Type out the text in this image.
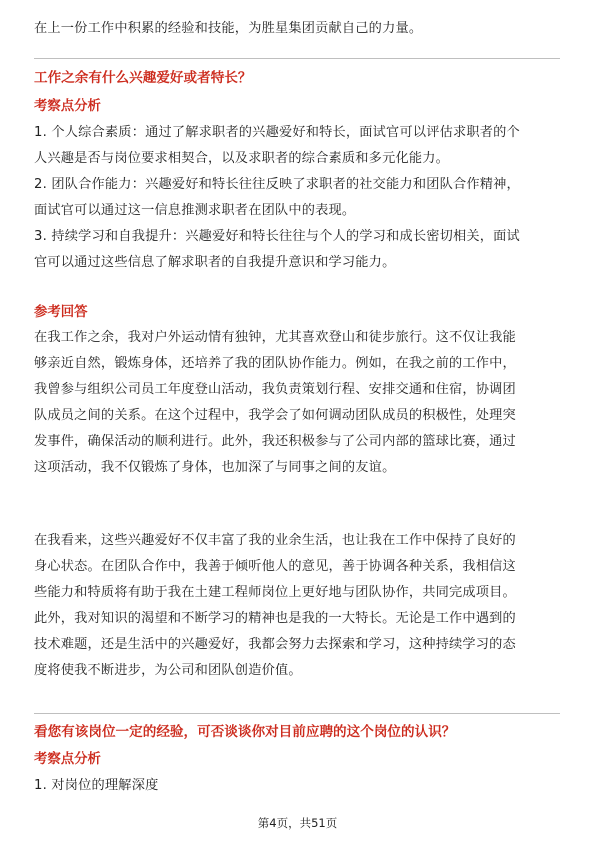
在上一份工作中积累的经验和技能，为胜星集团贡献自己的力量。
工作之余有什么兴趣爱好或者特长？
考察点分析
1. 个人综合素质：通过了解求职者的兴趣爱好和特长，面试官可以评估求职者的个
人兴趣是否与岗位要求相契合，以及求职者的综合素质和多元化能力。
2. 团队合作能力：兴趣爱好和特长往往反映了求职者的社交能力和团队合作精神，
面试官可以通过这一信息推测求职者在团队中的表现。
3. 持续学习和自我提升：兴趣爱好和特长往往与个人的学习和成长密切相关，面试
官可以通过这些信息了解求职者的自我提升意识和学习能力。
参考回答
在我工作之余，我对户外运动情有独钟，尤其喜欢登山和徒步旅行。这不仅让我能
够亲近自然，锻炼身体，还培养了我的团队协作能力。例如，在我之前的工作中，
我曾参与组织公司员工年度登山活动，我负责策划行程、安排交通和住宿，协调团
队成员之间的关系。在这个过程中，我学会了如何调动团队成员的积极性，处理突
发事件，确保活动的顺利进行。此外，我还积极参与了公司内部的篮球比赛，通过
这项活动，我不仅锻炼了身体，也加深了与同事之间的友谊。
在我看来，这些兴趣爱好不仅丰富了我的业余生活，也让我在工作中保持了良好的
身心状态。在团队合作中，我善于倾听他人的意见，善于协调各种关系，我相信这
些能力和特质将有助于我在土建工程师岗位上更好地与团队协作，共同完成项目。
此外，我对知识的渴望和不断学习的精神也是我的一大特长。无论是工作中遇到的
技术难题，还是生活中的兴趣爱好，我都会努力去探索和学习，这种持续学习的态
度将使我不断进步，为公司和团队创造价值。
看您有该岗位一定的经验，可否谈谈你对目前应聘的这个岗位的认识？
考察点分析
1. 对岗位的理解深度
第4页，共51页
